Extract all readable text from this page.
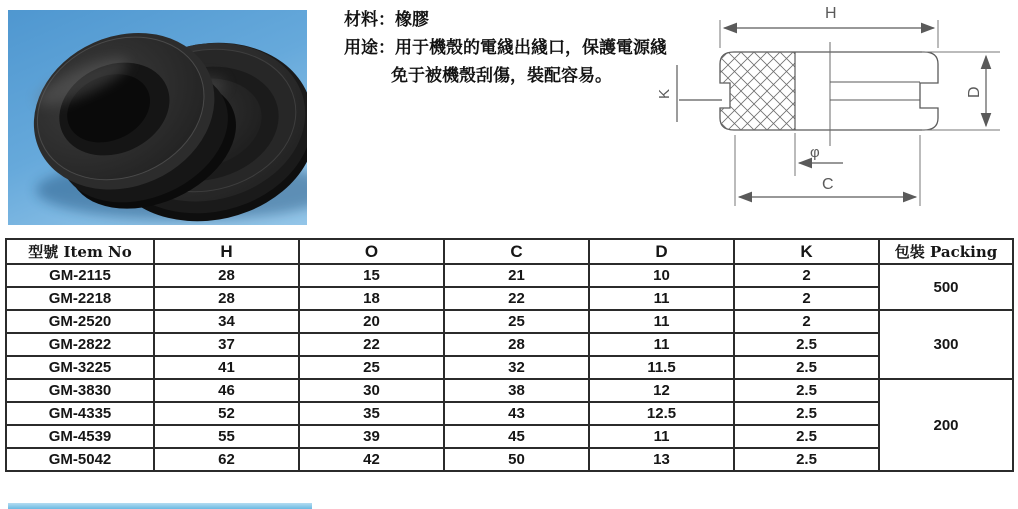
材料： 橡膠
用途： 用于機殼的電綫出綫口，保護電源綫
免于被機殼刮傷，裝配容易。
H
K	D
φ
C
型號 Item No	H	O	C	D	K	包裝 Packing
GM-2115	28	15	21	10	2	500
GM-2218	28	18	22	11	2	
GM-2520	34	20	25	11	2	300
GM-2822	37	22	28	11	2.5	
GM-3225	41	25	32	11.5	2.5	
GM-3830	46	30	38	12	2.5	200
GM-4335	52	35	43	12.5	2.5	
GM-4539	55	39	45	11	2.5	
GM-5042	62	42	50	13	2.5	
